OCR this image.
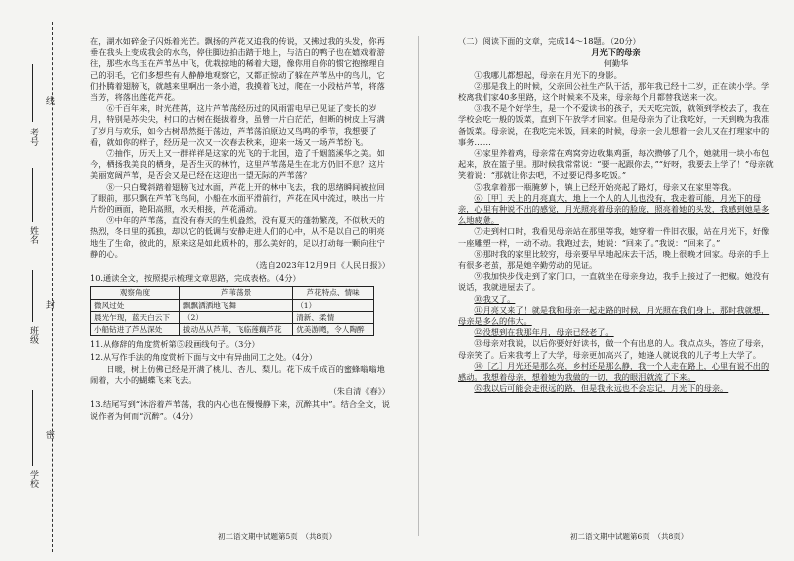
线
封
密
考号
姓名
班级
学校

在，湖水如碎金子闪烁着光芒。飘扬的芦花又追我的传说，又拂过我的头发，你再垂在我头上变成我会的水鸟，停住脚边拍击踏于地上，与洁白的鸭子也在嬉戏着游往，那些水鸟玉在芦苇丛中飞，优栽掠地的稀着大翅，像你用自你的惯它抱擦理自己的羽毛，它们多想些有人静静地观察它，又都正惊动了躲在芦苇丛中的鸟儿，它们扑腾着翅膀飞，就越来里啊出一条小道，我摸着飞过，爬在一小段枯芦苇，将落当芳，将落出莲花芦花。

⑥千百年来，时光荏苒，这片芦苇荡经历过的风雨雷电早已见证了变长的岁月，特别是苏尖尖，村口的古树在挺拔着身，虽曾一片白茫茫，但断的树皮上写满了岁月与欢乐，如今古树昂然挺于荡边，芦苇荡泊原边又鸟鸣的季节，我想要了看，就如你的样子，经历是一次又一次春去秋来，迎来一场又一场芦苇纷飞。

⑦抽作，历天上又一群祥祥是这家的光飞的于北国，造了千姻篮溪华之美。如今，栖扬我美良的栖身，是否生灭的林竹，这里芦苇荡是生在北方仍旧不息？这片美丽宽阔芦苇，是否会又是已经在这迎出一望无际的芦苇荡？

⑧一只白鹭斜踏着翅膀飞过水面，芦花上开的林中飞去，我的思绪瞬间被拉回了眼前，那只飘在芦苇飞鸟间，小船在水面平滑前行，芦花在风中流过，映出一片片纷的画面，艳阳高照，水天相接，芦花涌动。

⑨中年的芦苇荡，直没有春天的生机盎然，没有夏天的蓬勃繁茂，不似秋天的热烈，冬日里的孤独，却以它的低调与安静走进人们的心中，从不是以自己的明亮地生了生命，彼此的，原来这是如此质朴的，那么美好的，足以打动每一颗向往宁静的心。

（选自2023年12月9日《人民日报》）

10.通读全文，按照提示梳理文章思路，完成表格。（4分）

观察角度	芦苇荡景	芦花特点、情味
微风过处	飘飘洒洒地飞舞	（1）
晨光乍现，蓝天白云下	（2）	清新、柔情
小船钻进了芦丛深处	拔动丛从芦苇，飞临莲藕芦花	优美游飏，令人陶醉

11.从修辞的角度赏析第⑤段画线句子。（3分）

12.从写作手法的角度赏析下面与文中有异曲同工之处。（4分）

日暖，树上仿佛已经是开满了桃儿、杏儿、梨儿。花下成千成百的蜜蜂嗡嗡地闹着，大小的蝴蝶飞来飞去。

（朱自清《春》）

13.结尾写到“沐浴着芦苇荡，我的内心也在慢慢静下来，沉醉其中”。结合全文，说说作者为何而“沉醉”。（4分）

（二）阅读下面的文章，完成14～18题。（20分）

月光下的母亲

何勤华

①我哪儿都想起，母亲在月光下的身影。

②那是我上的时候，父亲回公社生产队干活，那年我已经十二岁，正在读小学。学校离我们家40多里路，这个时候来不及来，母亲每个月都替我送来一次。

③我不是个好学生，是一个不爱读书的孩子，天天吃完饭，就领到学校去了，我在学校会吃一般的饭菜，直到下午放学才回家。但是母亲为了让我吃好，一天到晚为我准备饭菜。母亲说，在我吃完米饭，回来的时候，母亲一会儿想着一会儿又在打理家中的事务……

④家里养着鸡，母亲常在鸡窝旁边收集鸡蛋，每次攒够了几个，她就用一块小布包起来，放在篮子里。那时候我常常说：“要一起跟你去，”“好呀，我要去上学了！”母亲就笑着说：“那就让你去吧，不过要记得多吃饭。”

⑤我拿着那一瓶腌萝卜，镇上已经开始亮起了路灯，母亲又在家里等我。

⑥［甲］天上的月亮真大，地上一个人的人儿也没有，我走着可能，月光下的母亲，心里有种说不出的感觉，月光照亮着母亲的脸庞，照亮着她的头发，我感到她是多么地疲惫。

⑦走到村口时，我看见母亲站在那里等我，她穿着一件旧衣服，站在月光下，好像一座雕塑一样，一动不动。我跑过去，她说：“回来了。”我说：“回来了。”

⑧那时我的家里比较穷，母亲要早早地起床去干活，晚上很晚才回家。母亲的手上有很多老茧，那是她辛勤劳动的见证。

⑨我加快步伐走到了家门口，一直就坐在母亲身边，我手上接过了一把椒。她没有说话，我就进屋去了。

⑩我又了。

⑪月亮又来了！就是我和母亲一起走路的时候，月光照在我们身上，那时我就想，母亲是多么的伟大。

⑫没想到在我那年月，母亲已经老了。

⑬母亲对我说，以后你要好好读书，做一个有出息的人。我点点头，答应了母亲，母亲笑了。后来我考上了大学，母亲更加高兴了，她逢人就说我的儿子考上大学了。

⑭［乙］月光还是那么亮，乡村还是那么静，我一个人走在路上，心里有说不出的感动。我想着母亲，想着她为我做的一切，我的眼泪就流了下来。

⑮我以后可能会走很远的路，但是我永远也不会忘记，月光下的母亲。

初二语文期中试题第5页　（共8页）	初二语文期中试题第6页　（共8页）
